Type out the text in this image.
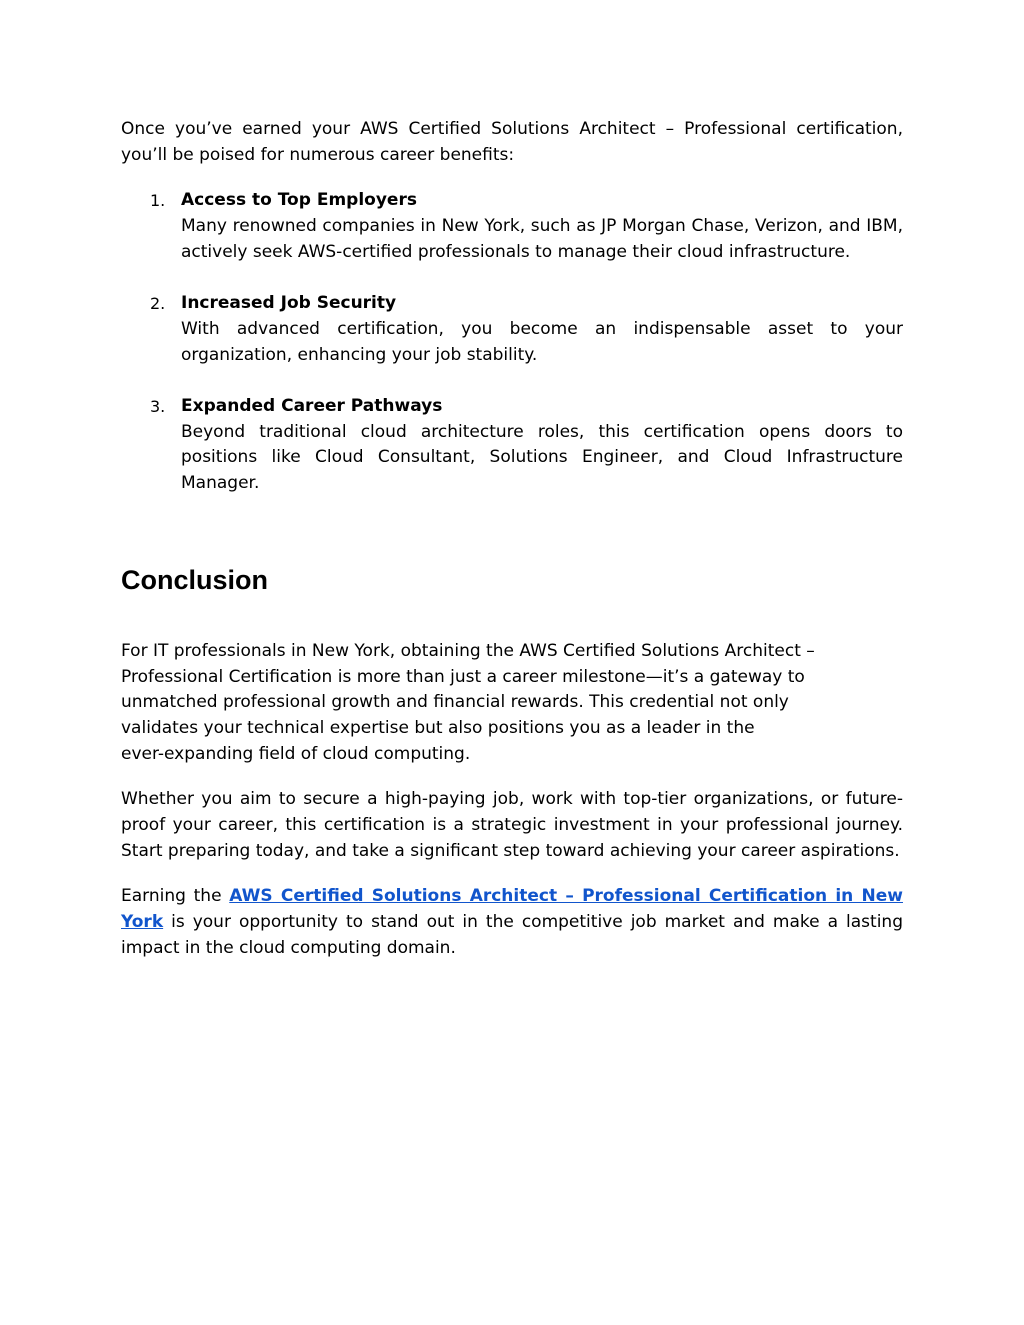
Once you’ve earned your AWS Certified Solutions Architect – Professional certification, you’ll be poised for numerous career benefits:

1. Access to Top Employers

Many renowned companies in New York, such as JP Morgan Chase, Verizon, and IBM, actively seek AWS-certified professionals to manage their cloud infrastructure.

2. Increased Job Security

With advanced certification, you become an indispensable asset to your organization, enhancing your job stability.

3. Expanded Career Pathways

Beyond traditional cloud architecture roles, this certification opens doors to positions like Cloud Consultant, Solutions Engineer, and Cloud Infrastructure Manager.

Conclusion

For IT professionals in New York, obtaining the AWS Certified Solutions Architect –
Professional Certification is more than just a career milestone—it’s a gateway to
unmatched professional growth and financial rewards. This credential not only
validates your technical expertise but also positions you as a leader in the
ever-expanding field of cloud computing.

Whether you aim to secure a high-paying job, work with top-tier organizations, or future-proof your career, this certification is a strategic investment in your professional journey. Start preparing today, and take a significant step toward achieving your career aspirations.

Earning the AWS Certified Solutions Architect – Professional Certification in New York is your opportunity to stand out in the competitive job market and make a lasting impact in the cloud computing domain.
